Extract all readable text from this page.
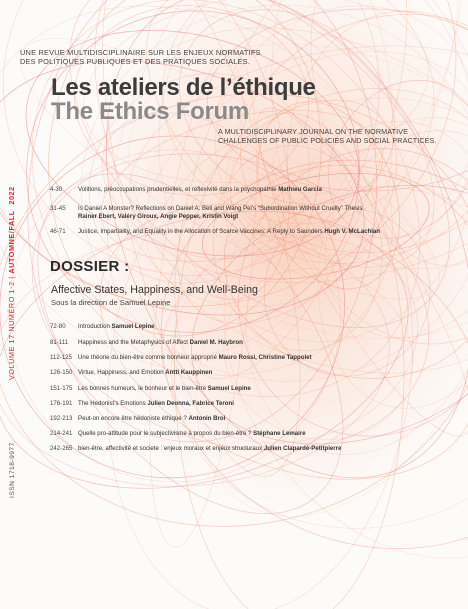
UNE REVUE MULTIDISCIPLINAIRE SUR LES ENJEUX NORMATIFS
DES POLITIQUES PUBLIQUES ET DES PRATIQUES SOCIALES.
Les ateliers de l’éthique
The Ethics Forum
A MULTIDISCIPLINARY JOURNAL ON THE NORMATIVE
CHALLENGES OF PUBLIC POLICIES AND SOCIAL PRACTICES.
VOLUME 17 NUMÉRO 1-2 | AUTOMNE/FALL 2022
ISSN 1718-9977
4-30	Volitions, préoccupations prudentielles, et réflexivité dans la psychopathie Mathieu Garcia
31-45	Is Daniel A Monster? Reflections on Daniel A. Bell and Wang Pei’s “Subordination Without Cruelty” Thesis
Rainer Ebert, Valéry Giroux, Angie Pepper, Kristin Voigt
46-71	Justice, Impartiality, and Equality in the Allocation of Scarce Vaccines: A Reply to Saunders Hugh V. McLachlan
DOSSIER :
Affective States, Happiness, and Well-Being
Sous la direction de Samuel Lepine
72-80	Introduction Samuel Lepine
81-111	Happiness and the Metaphysics of Affect Daniel M. Haybron
112-125 Une théorie du bien-être comme bonheur approprié Mauro Rossi, Christine Tappolet
126-150 Virtue, Happiness, and Emotion Antti Kauppinen
151-175 Les bonnes humeurs, le bonheur et le bien-être Samuel Lepine
176-191 The Hedonist’s Emotions Julien Deonna, Fabrice Teroni
192-213 Peut-on encore être hédoniste éthique ? Antonin Broi
214-241 Quelle pro-attitude pour le subjectivisme à propos du bien-être ? Stéphane Lemaire
242-265 bien-être, affectivité et societe : enjeux moraux et enjeux structuraux Julien Clapardé-Petitpierre
